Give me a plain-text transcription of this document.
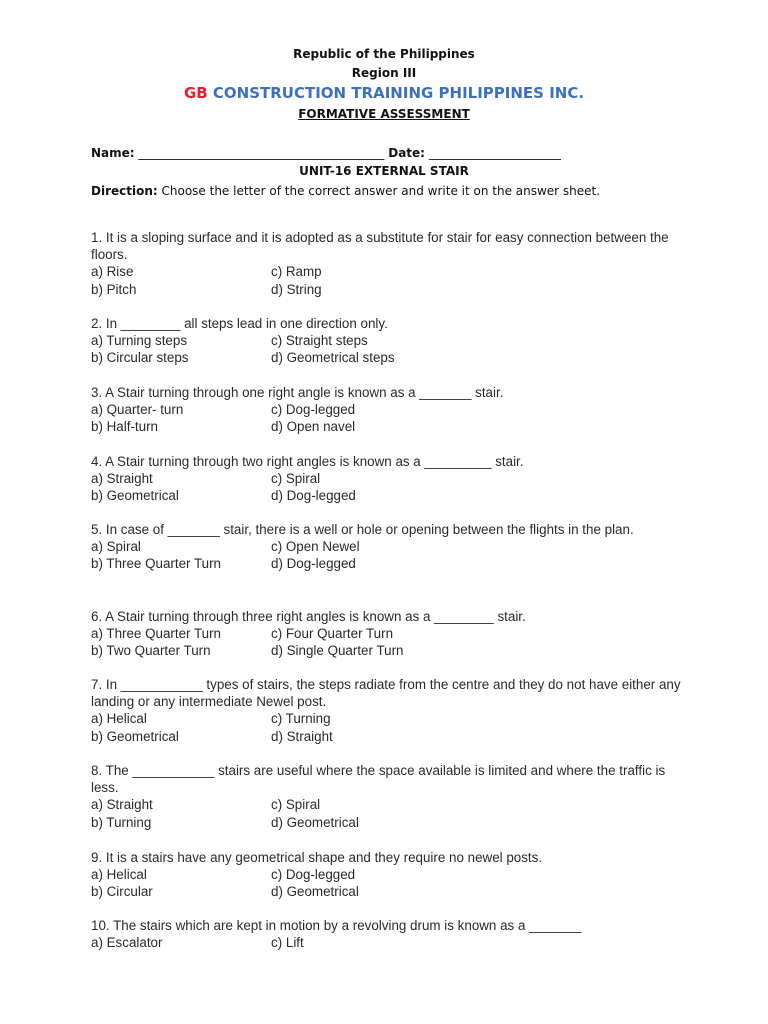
Republic of the Philippines
Region III
GB CONSTRUCTION TRAINING PHILIPPINES INC.
FORMATIVE ASSESSMENT
Name: _________________________________________ Date: ______________________
UNIT-16 EXTERNAL STAIR
Direction: Choose the letter of the correct answer and write it on the answer sheet.
1. It is a sloping surface and it is adopted as a substitute for stair for easy connection between the floors.
a) Rise	c) Ramp
b) Pitch	d) String
2. In ________ all steps lead in one direction only.
a) Turning steps	c) Straight steps
b) Circular steps	d) Geometrical steps
3. A Stair turning through one right angle is known as a _______ stair.
a) Quarter- turn	c) Dog-legged
b) Half-turn	d) Open navel
4. A Stair turning through two right angles is known as a _________ stair.
a) Straight	c) Spiral
b) Geometrical	d) Dog-legged
5. In case of _______ stair, there is a well or hole or opening between the flights in the plan.
a) Spiral	c) Open Newel
b) Three Quarter Turn	d) Dog-legged
6. A Stair turning through three right angles is known as a ________ stair.
a) Three Quarter Turn	c) Four Quarter Turn
b) Two Quarter Turn	d) Single Quarter Turn
7. In ___________ types of stairs, the steps radiate from the centre and they do not have either any landing or any intermediate Newel post.
a) Helical	c) Turning
b) Geometrical	d) Straight
8. The ___________ stairs are useful where the space available is limited and where the traffic is less.
a) Straight	c) Spiral
b) Turning	d) Geometrical
9. It is a stairs have any geometrical shape and they require no newel posts.
a) Helical	c) Dog-legged
b) Circular	d) Geometrical
10. The stairs which are kept in motion by a revolving drum is known as a _______
a) Escalator	c) Lift
